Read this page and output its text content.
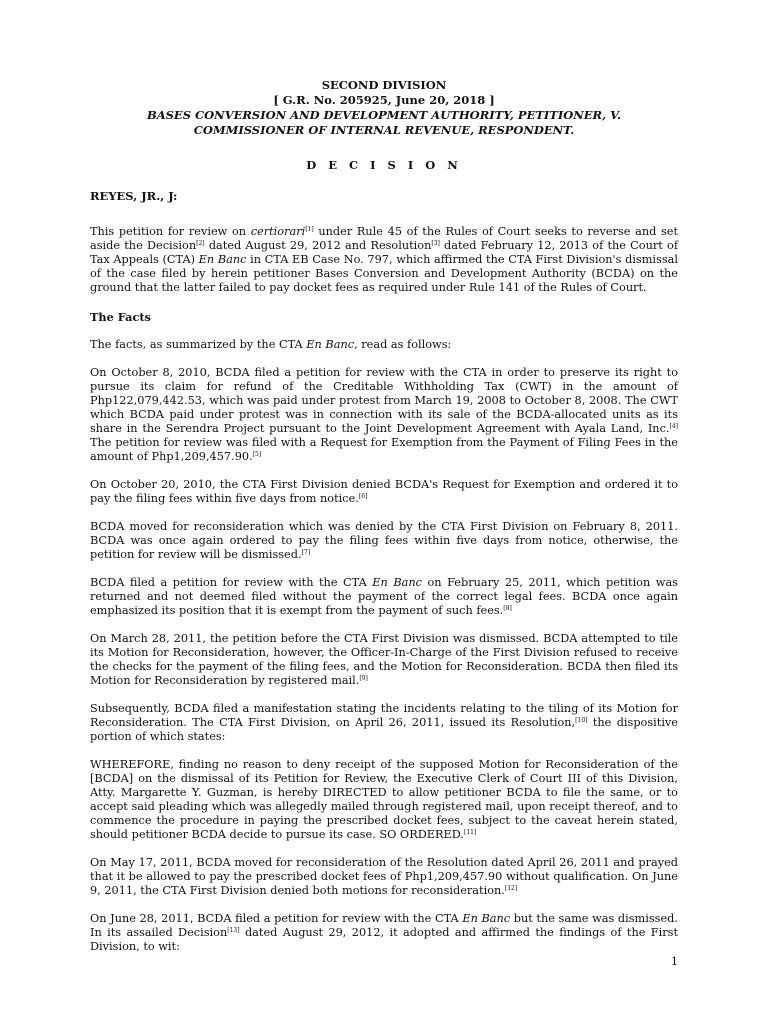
SECOND DIVISION
[ G.R. No. 205925, June 20, 2018 ]
BASES CONVERSION AND DEVELOPMENT AUTHORITY, PETITIONER, V. COMMISSIONER OF INTERNAL REVENUE, RESPONDENT.
D E C I S I O N
REYES, JR., J:

This petition for review on certiorari[1] under Rule 45 of the Rules of Court seeks to reverse and set aside the Decision[2] dated August 29, 2012 and Resolution[3] dated February 12, 2013 of the Court of Tax Appeals (CTA) En Banc in CTA EB Case No. 797, which affirmed the CTA First Division's dismissal of the case filed by herein petitioner Bases Conversion and Development Authority (BCDA) on the ground that the latter failed to pay docket fees as required under Rule 141 of the Rules of Court.

The Facts

The facts, as summarized by the CTA En Banc, read as follows:

On October 8, 2010, BCDA filed a petition for review with the CTA in order to preserve its right to pursue its claim for refund of the Creditable Withholding Tax (CWT) in the amount of Php122,079,442.53, which was paid under protest from March 19, 2008 to October 8, 2008. The CWT which BCDA paid under protest was in connection with its sale of the BCDA-allocated units as its share in the Serendra Project pursuant to the Joint Development Agreement with Ayala Land, Inc.[4] The petition for review was filed with a Request for Exemption from the Payment of Filing Fees in the amount of Php1,209,457.90.[5]

On October 20, 2010, the CTA First Division denied BCDA's Request for Exemption and ordered it to pay the filing fees within five days from notice.[6]

BCDA moved for reconsideration which was denied by the CTA First Division on February 8, 2011. BCDA was once again ordered to pay the filing fees within five days from notice, otherwise, the petition for review will be dismissed.[7]

BCDA filed a petition for review with the CTA En Banc on February 25, 2011, which petition was returned and not deemed filed without the payment of the correct legal fees. BCDA once again emphasized its position that it is exempt from the payment of such fees.[8]

On March 28, 2011, the petition before the CTA First Division was dismissed. BCDA attempted to tile its Motion for Reconsideration, however, the Officer-In-Charge of the First Division refused to receive the checks for the payment of the filing fees, and the Motion for Reconsideration. BCDA then filed its Motion for Reconsideration by registered mail.[9]

Subsequently, BCDA filed a manifestation stating the incidents relating to the tiling of its Motion for Reconsideration. The CTA First Division, on April 26, 2011, issued its Resolution,[10] the dispositive portion of which states:

WHEREFORE, finding no reason to deny receipt of the supposed Motion for Reconsideration of the [BCDA] on the dismissal of its Petition for Review, the Executive Clerk of Court III of this Division, Atty. Margarette Y. Guzman, is hereby DIRECTED to allow petitioner BCDA to file the same, or to accept said pleading which was allegedly mailed through registered mail, upon receipt thereof, and to commence the procedure in paying the prescribed docket fees, subject to the caveat herein stated, should petitioner BCDA decide to pursue its case. SO ORDERED.[11]

On May 17, 2011, BCDA moved for reconsideration of the Resolution dated April 26, 2011 and prayed that it be allowed to pay the prescribed docket fees of Php1,209,457.90 without qualification. On June 9, 2011, the CTA First Division denied both motions for reconsideration.[12]

On June 28, 2011, BCDA filed a petition for review with the CTA En Banc but the same was dismissed. In its assailed Decision[13] dated August 29, 2012, it adopted and affirmed the findings of the First Division, to wit:

1
